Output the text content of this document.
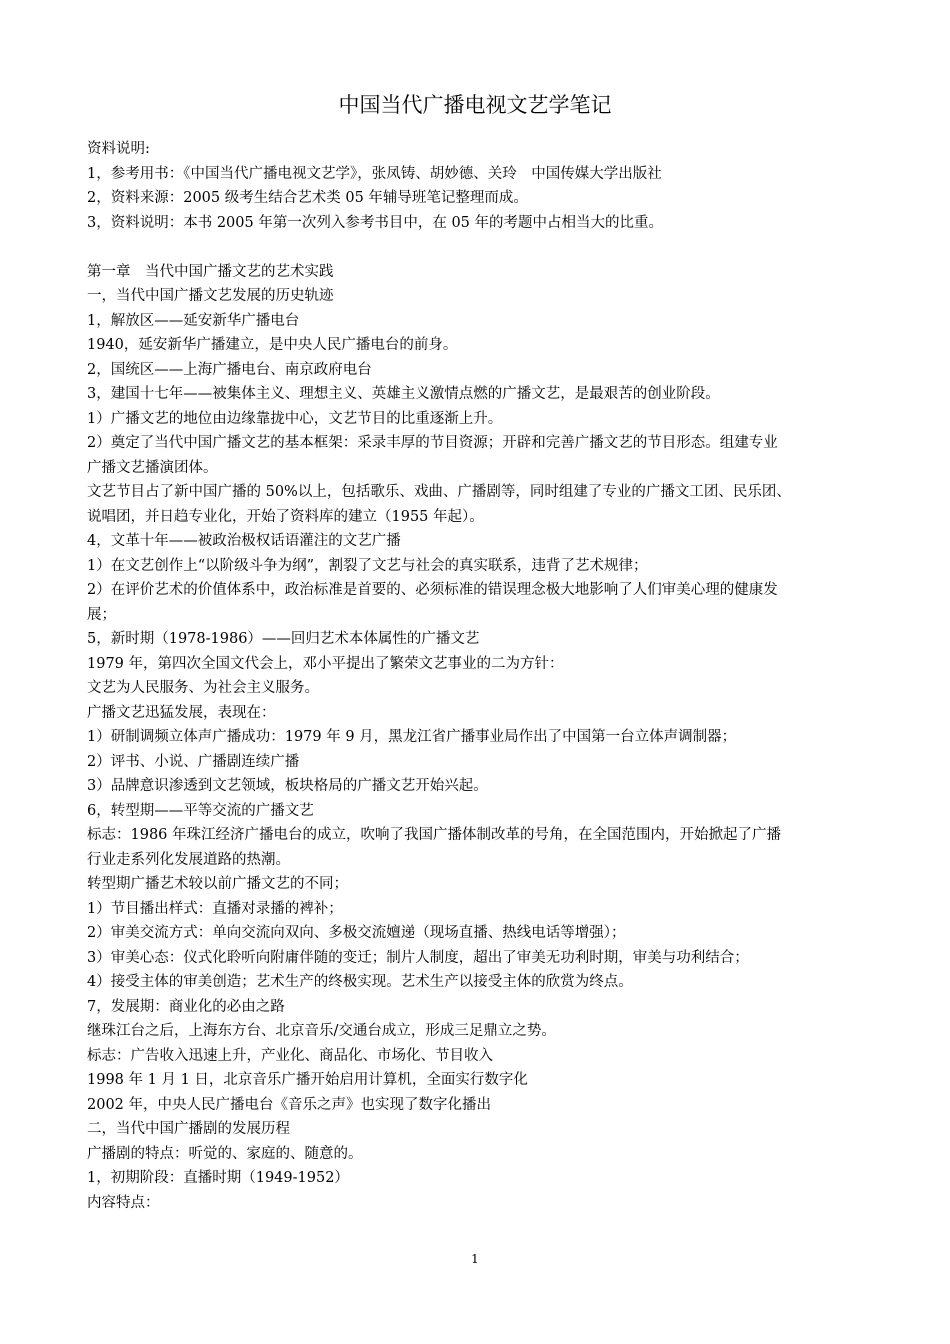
中国当代广播电视文艺学笔记
资料说明:
1，参考用书：《中国当代广播电视文艺学》，张凤铸、胡妙德、关玲　中国传媒大学出版社
2，资料来源：2005 级考生结合艺术类 05 年辅导班笔记整理而成。
3，资料说明：本书 2005 年第一次列入参考书目中，在 05 年的考题中占相当大的比重。
第一章　当代中国广播文艺的艺术实践
一，当代中国广播文艺发展的历史轨迹
1，解放区——延安新华广播电台
1940，延安新华广播建立，是中央人民广播电台的前身。
2，国统区——上海广播电台、南京政府电台
3，建国十七年——被集体主义、理想主义、英雄主义激情点燃的广播文艺，是最艰苦的创业阶段。
1）广播文艺的地位由边缘靠拢中心，文艺节目的比重逐渐上升。
2）奠定了当代中国广播文艺的基本框架：采录丰厚的节目资源；开辟和完善广播文艺的节目形态。组建专业
广播文艺播演团体。
文艺节目占了新中国广播的 50%以上，包括歌乐、戏曲、广播剧等，同时组建了专业的广播文工团、民乐团、
说唱团，并日趋专业化，开始了资料库的建立（1955 年起）。
4，文革十年——被政治极权话语灌注的文艺广播
1）在文艺创作上“以阶级斗争为纲”，割裂了文艺与社会的真实联系，违背了艺术规律；
2）在评价艺术的价值体系中，政治标准是首要的、必须标准的错误理念极大地影响了人们审美心理的健康发
展；
5，新时期（1978-1986）——回归艺术本体属性的广播文艺
1979 年，第四次全国文代会上，邓小平提出了繁荣文艺事业的二为方针：
文艺为人民服务、为社会主义服务。
广播文艺迅猛发展，表现在：
1）研制调频立体声广播成功：1979 年 9 月，黑龙江省广播事业局作出了中国第一台立体声调制器；
2）评书、小说、广播剧连续广播
3）品牌意识渗透到文艺领域，板块格局的广播文艺开始兴起。
6，转型期——平等交流的广播文艺
标志：1986 年珠江经济广播电台的成立，吹响了我国广播体制改革的号角，在全国范围内，开始掀起了广播
行业走系列化发展道路的热潮。
转型期广播艺术较以前广播文艺的不同；
1）节目播出样式：直播对录播的裨补；
2）审美交流方式：单向交流向双向、多极交流嬗递（现场直播、热线电话等增强）；
3）审美心态：仪式化聆听向附庸伴随的变迁；制片人制度，超出了审美无功利时期，审美与功利结合；
4）接受主体的审美创造；艺术生产的终极实现。艺术生产以接受主体的欣赏为终点。
7，发展期：商业化的必由之路
继珠江台之后，上海东方台、北京音乐/交通台成立，形成三足鼎立之势。
标志：广告收入迅速上升，产业化、商品化、市场化、节目收入
1998 年 1 月 1 日，北京音乐广播开始启用计算机，全面实行数字化
2002 年，中央人民广播电台《音乐之声》也实现了数字化播出
二，当代中国广播剧的发展历程
广播剧的特点：听觉的、家庭的、随意的。
1，初期阶段：直播时期（1949-1952）
内容特点：
1
